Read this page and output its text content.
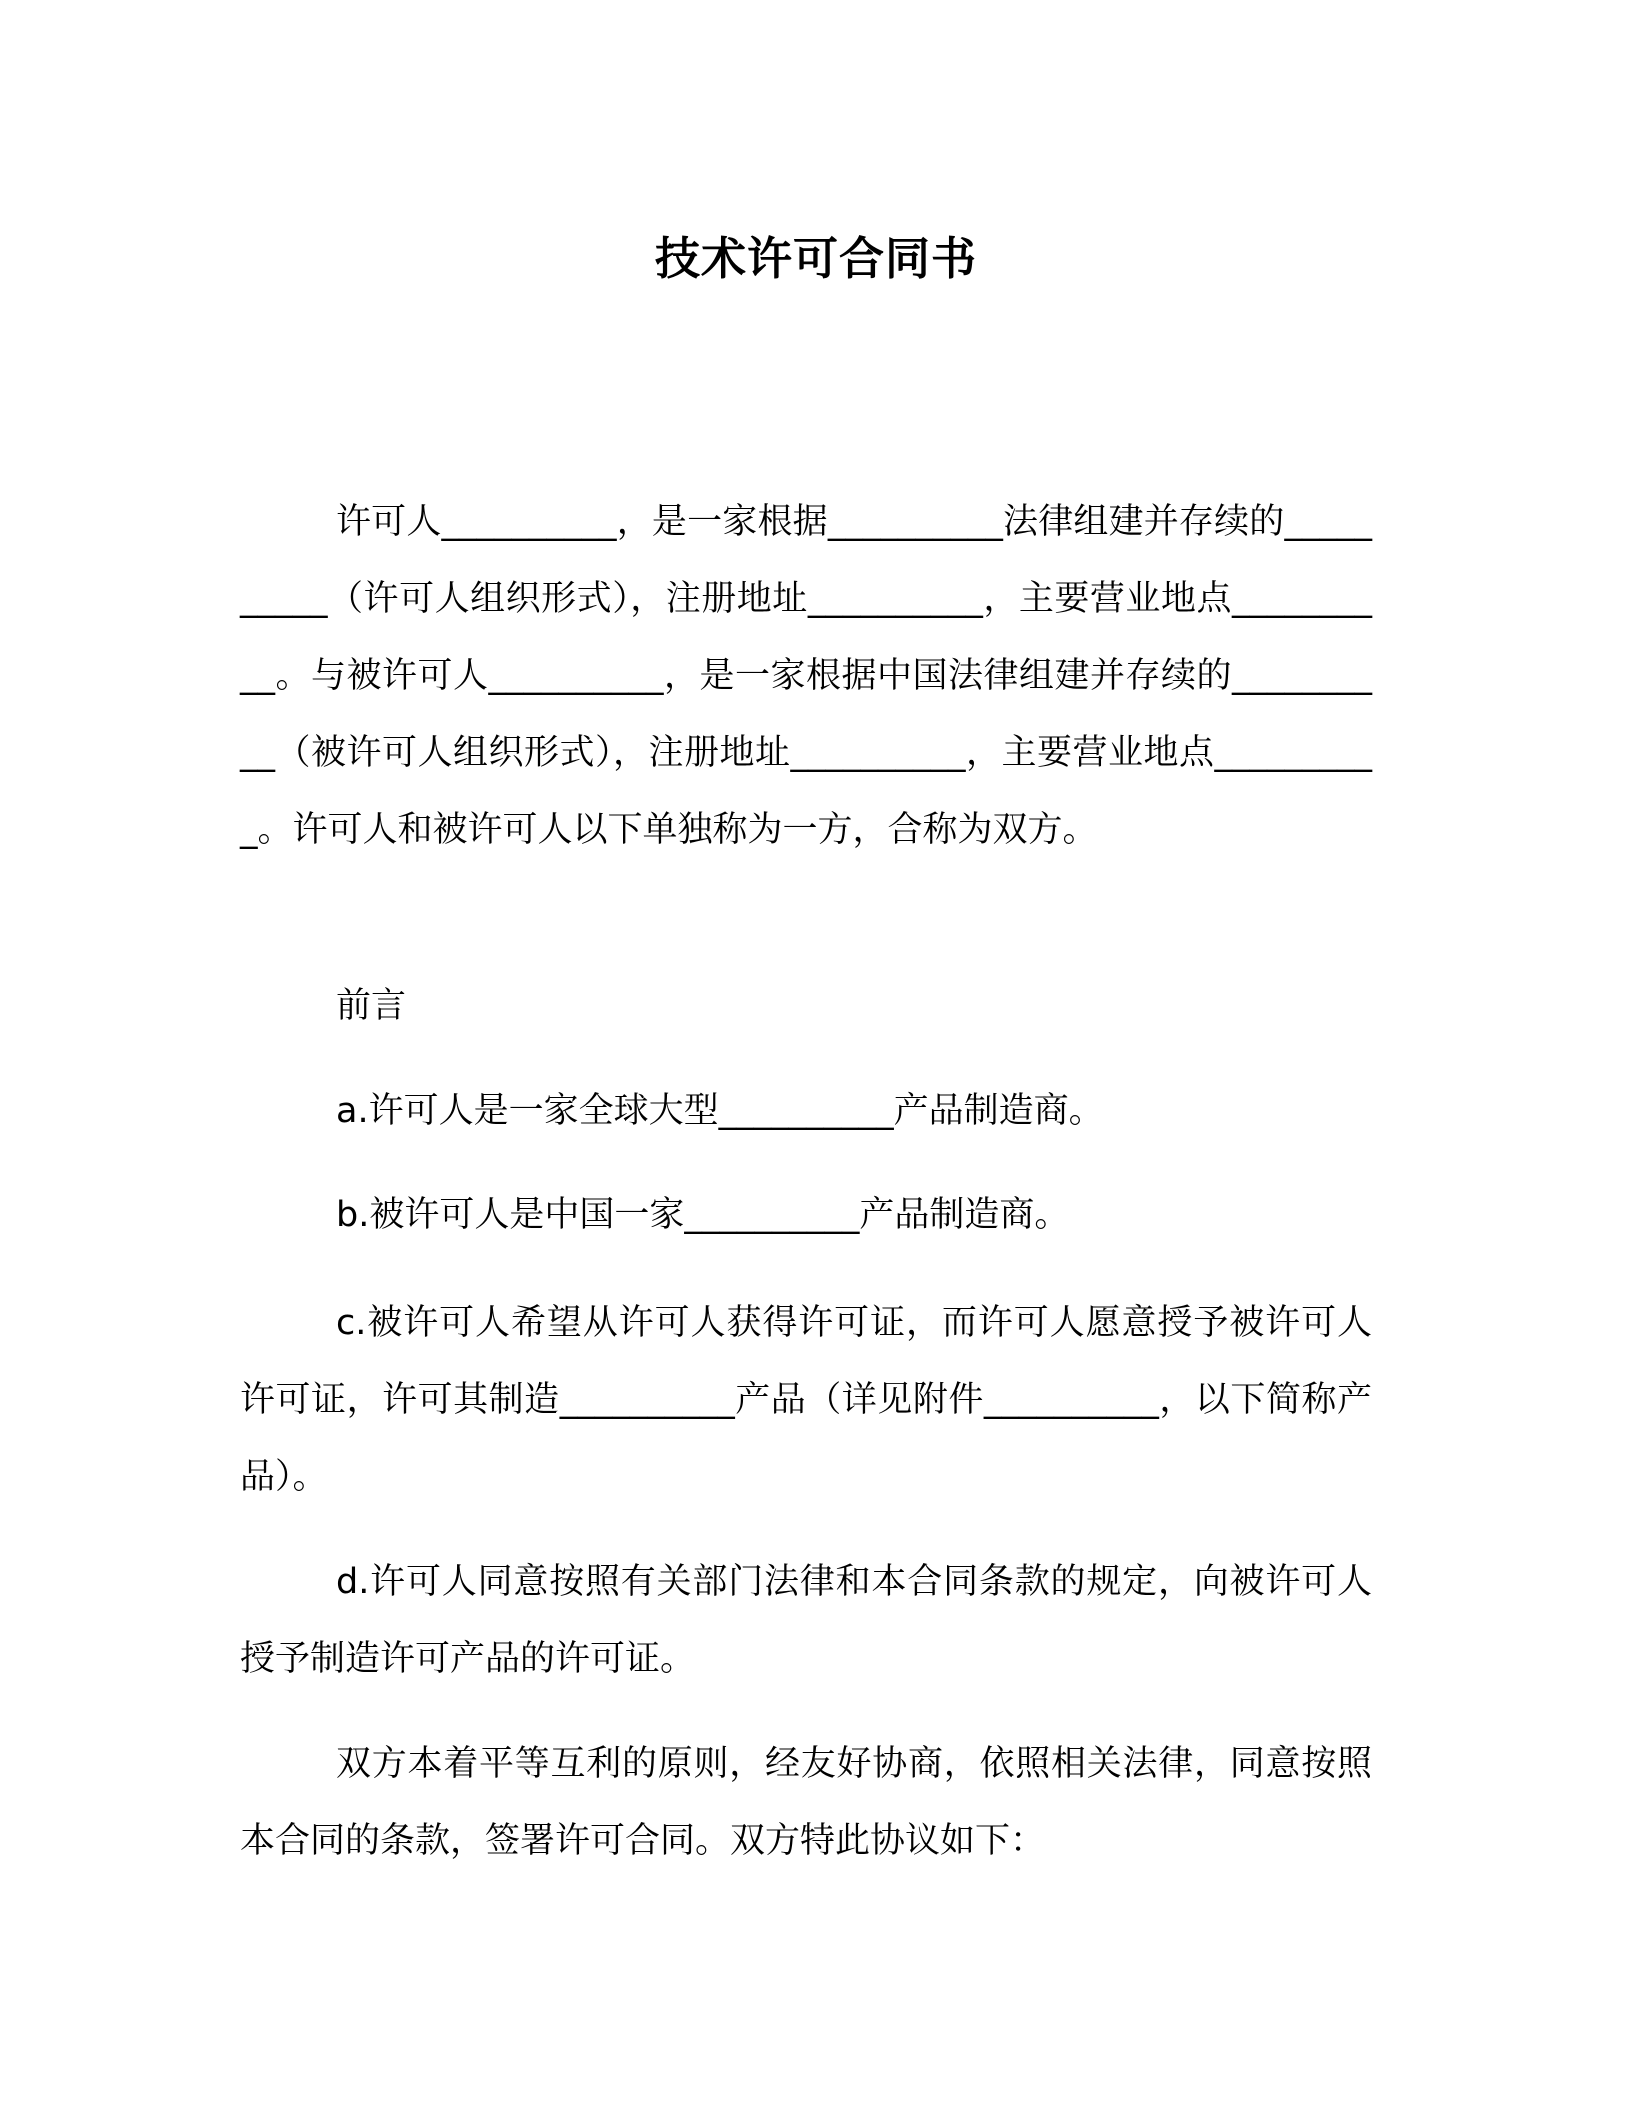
技术许可合同书
许可人__________，是一家根据__________法律组建并存续的__________（许可人组织形式），注册地址__________，主要营业地点__________。与被许可人__________，是一家根据中国法律组建并存续的__________（被许可人组织形式），注册地址__________，主要营业地点__________。许可人和被许可人以下单独称为一方，合称为双方。
前言
a.许可人是一家全球大型__________产品制造商。
b.被许可人是中国一家__________产品制造商。
c.被许可人希望从许可人获得许可证，而许可人愿意授予被许可人许可证，许可其制造__________产品（详见附件__________，以下简称产品）。
d.许可人同意按照有关部门法律和本合同条款的规定，向被许可人授予制造许可产品的许可证。
双方本着平等互利的原则，经友好协商，依照相关法律，同意按照本合同的条款，签署许可合同。双方特此协议如下：
